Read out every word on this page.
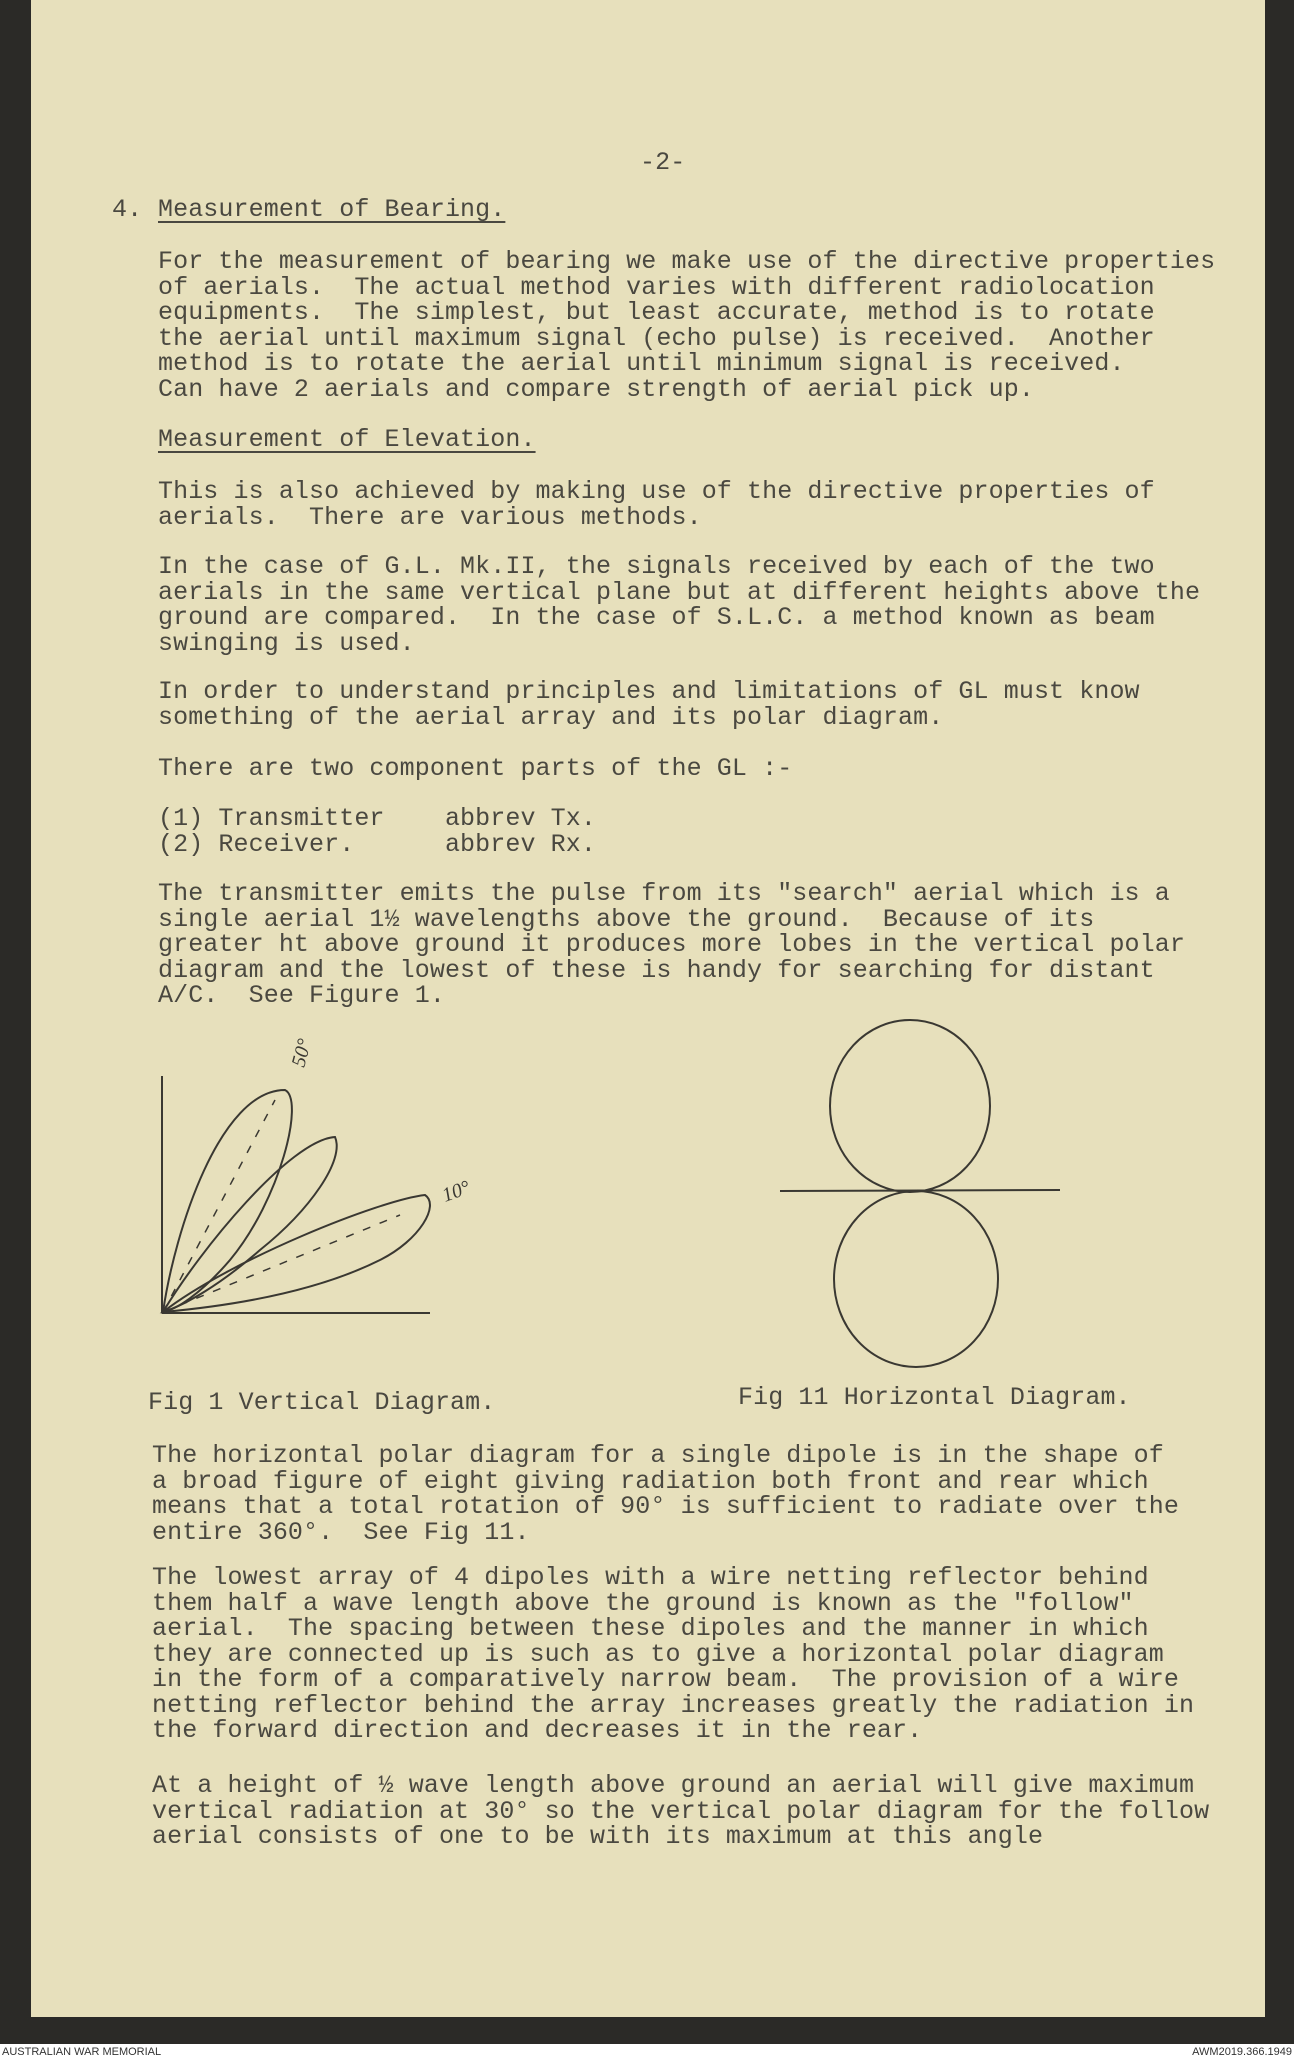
-2-
4. Measurement of Bearing.
For the measurement of bearing we make use of the directive properties
of aerials.  The actual method varies with different radiolocation
equipments.  The simplest, but least accurate, method is to rotate
the aerial until maximum signal (echo pulse) is received.  Another
method is to rotate the aerial until minimum signal is received.
Can have 2 aerials and compare strength of aerial pick up.
Measurement of Elevation.
This is also achieved by making use of the directive properties of
aerials.  There are various methods.
In the case of G.L. Mk.II, the signals received by each of the two
aerials in the same vertical plane but at different heights above the
ground are compared.  In the case of S.L.C. a method known as beam
swinging is used.
In order to understand principles and limitations of GL must know
something of the aerial array and its polar diagram.
There are two component parts of the GL :-
(1) Transmitter    abbrev Tx.
(2) Receiver.      abbrev Rx.
The transmitter emits the pulse from its "search" aerial which is a
single aerial 1½ wavelengths above the ground.  Because of its
greater ht above ground it produces more lobes in the vertical polar
diagram and the lowest of these is handy for searching for distant
A/C.  See Figure 1.
50°
10°
Fig 1 Vertical Diagram.	Fig 11 Horizontal Diagram.
The horizontal polar diagram for a single dipole is in the shape of
a broad figure of eight giving radiation both front and rear which
means that a total rotation of 90° is sufficient to radiate over the
entire 360°.  See Fig 11.
The lowest array of 4 dipoles with a wire netting reflector behind
them half a wave length above the ground is known as the "follow"
aerial.  The spacing between these dipoles and the manner in which
they are connected up is such as to give a horizontal polar diagram
in the form of a comparatively narrow beam.  The provision of a wire
netting reflector behind the array increases greatly the radiation in
the forward direction and decreases it in the rear.
At a height of ½ wave length above ground an aerial will give maximum
vertical radiation at 30° so the vertical polar diagram for the follow
aerial consists of one to be with its maximum at this angle
AUSTRALIAN WAR MEMORIAL	AWM2019.366.1949
